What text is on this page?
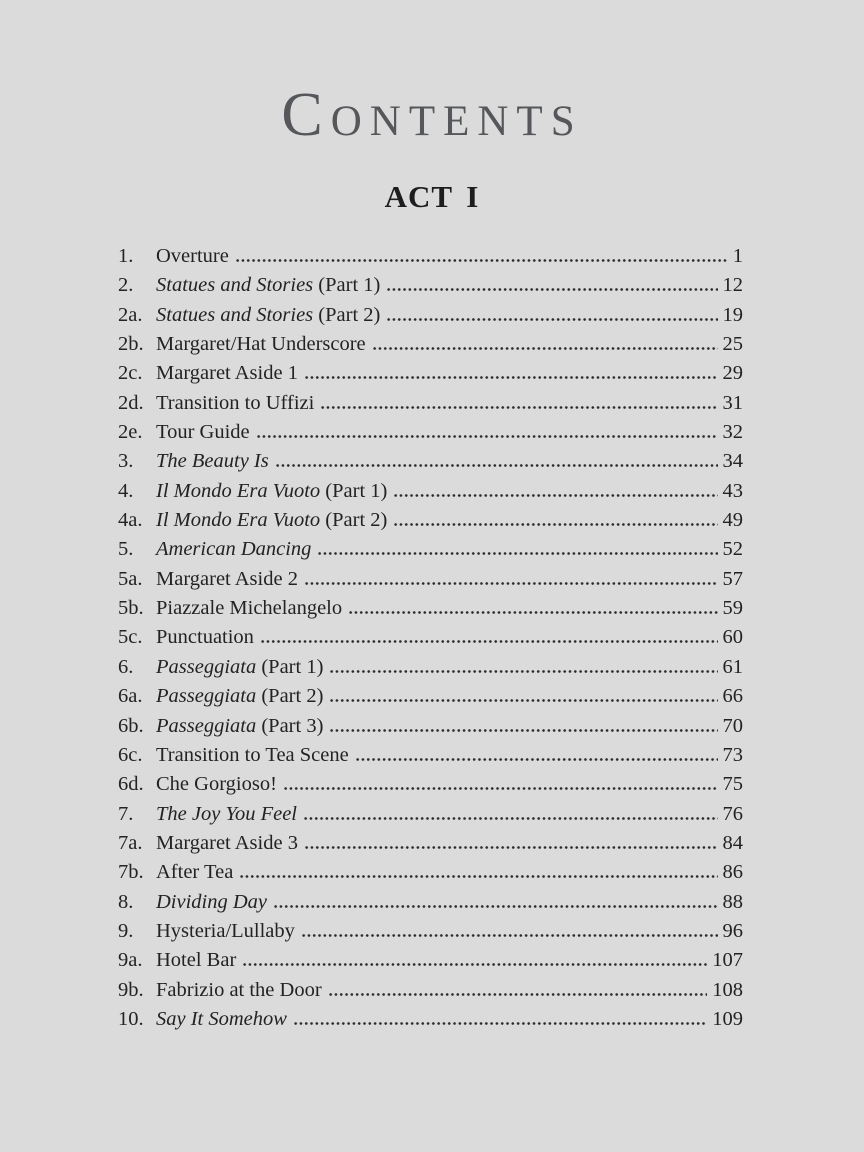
CONTENTS
ACT I
1.	Overture	1
2.	Statues and Stories (Part 1)	12
2a. Statues and Stories (Part 2)	19
2b. Margaret/Hat Underscore	25
2c. Margaret Aside 1	29
2d. Transition to Uffizi	31
2e. Tour Guide	32
3.	The Beauty Is	34
4.	Il Mondo Era Vuoto (Part 1)	43
4a. Il Mondo Era Vuoto (Part 2)	49
5.	American Dancing	52
5a. Margaret Aside 2	57
5b. Piazzale Michelangelo	59
5c. Punctuation	60
6.	Passeggiata (Part 1)	61
6a. Passeggiata (Part 2)	66
6b. Passeggiata (Part 3)	70
6c. Transition to Tea Scene	73
6d. Che Gorgioso!	75
7.	The Joy You Feel	76
7a. Margaret Aside 3	84
7b. After Tea	86
8.	Dividing Day	88
9.	Hysteria/Lullaby	96
9a. Hotel Bar	107
9b. Fabrizio at the Door	108
10. Say It Somehow	109
